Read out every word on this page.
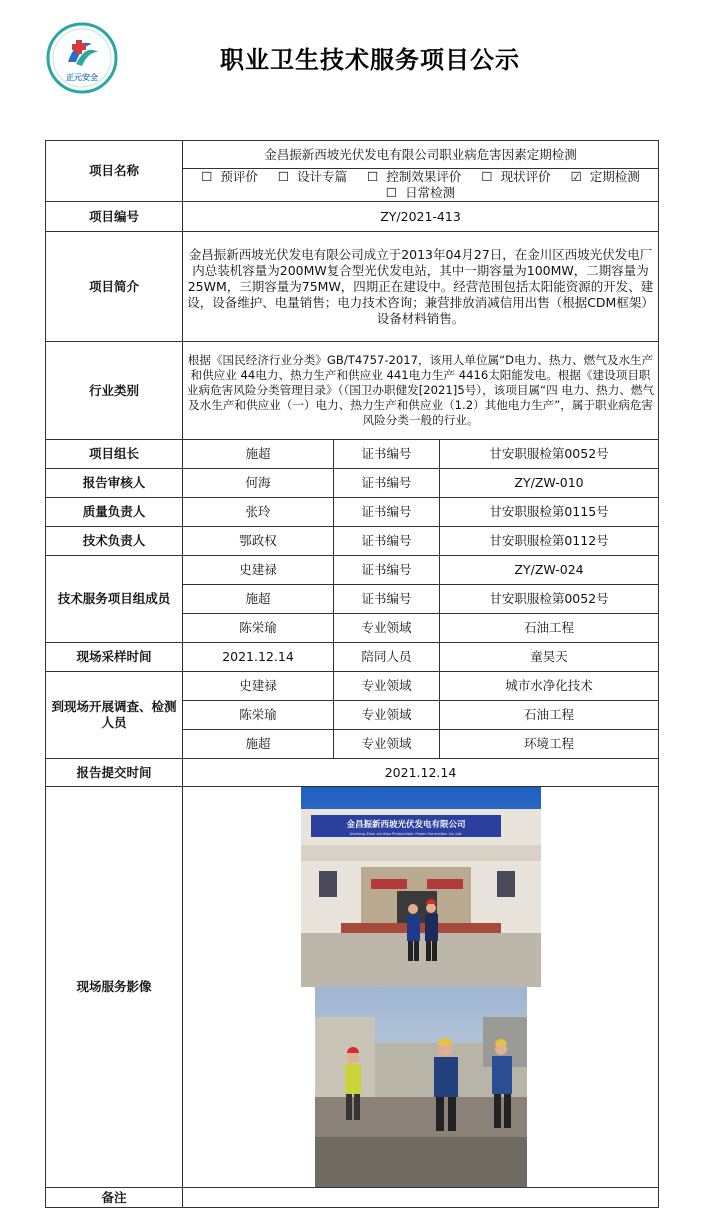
正元安全
职业卫生技术服务项目公示
项目名称	金昌振新西坡光伏发电有限公司职业病危害因素定期检测		
	☐ 预评价 ☐ 设计专篇 ☐ 控制效果评价 ☐ 现状评价 ☑ 定期检测 ☐ 日常检测		
项目编号	ZY/2021-413		
项目简介	金昌振新西坡光伏发电有限公司成立于2013年04月27日，在金川区西坡光伏发电厂内总装机容量为200MW复合型光伏发电站，其中一期容量为100MW，二期容量为25WM，三期容量为75MW，四期正在建设中。经营范围包括太阳能资源的开发、建设，设备维护、电量销售；电力技术咨询；兼营排放消减信用出售（根据CDM框架）设备材料销售。		
行业类别	根据《国民经济行业分类》GB/T4757-2017，该用人单位属“D电力、热力、燃气及水生产和供应业 44电力、热力生产和供应业 441电力生产 4416太阳能发电。根据《建设项目职业病危害风险分类管理目录》（（国卫办职健发[2021]5号），该项目属“四 电力、热力、燃气及水生产和供应业（一）电力、热力生产和供应业（1.2）其他电力生产”，属于职业病危害风险分类一般的行业。		
项目组长	施超	证书编号	甘安职服检第0052号
报告审核人	何海	证书编号	ZY/ZW-010
质量负责人	张玲	证书编号	甘安职服检第0115号
技术负责人	鄂政权	证书编号	甘安职服检第0112号
技术服务项目组成员	史建禄	证书编号	ZY/ZW-024
	施超	证书编号	甘安职服检第0052号
	陈栄瑜	专业领域	石油工程
现场采样时间	2021.12.14	陪同人员	童昊天
到现场开展调查、检测人员	史建禄	专业领域	城市水净化技术
	陈栄瑜	专业领域	石油工程
	施超	专业领域	环境工程
报告提交时间	2021.12.14		
现场服务影像	金昌振新西坡光伏发电有限公司
Jinchang Zhen xin Xipo Photovoltaic Power Generation Co.,Ltd.		

备注			
